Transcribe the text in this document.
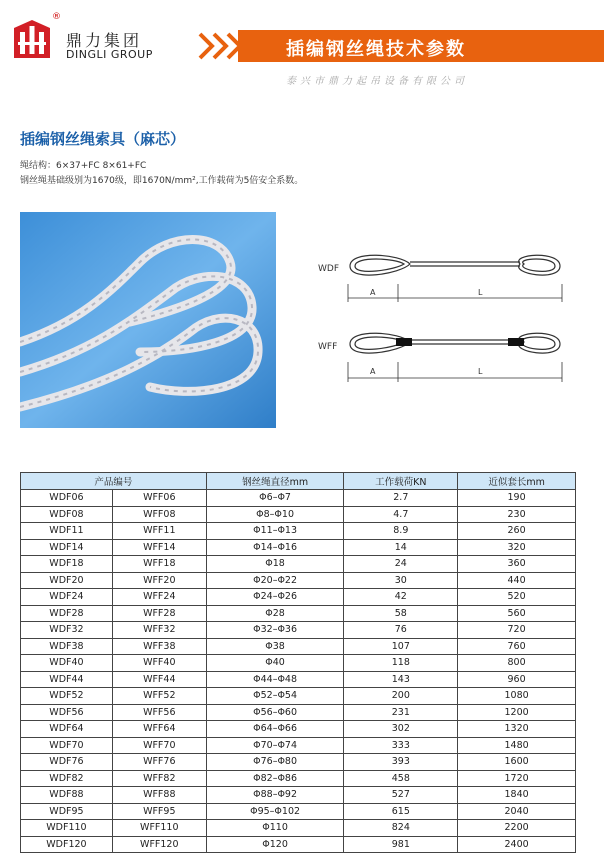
®
鼎力集团
DINGLI GROUP	插编钢丝绳技术参数
泰兴市鼎力起吊设备有限公司
插编钢丝绳索具（麻芯）
绳结构：6×37+FC 8×61+FC
钢丝绳基础级别为1670级，即1670N/mm²,工作载荷为5倍安全系数。
WDF
WFF
A	L
A	L
产品编号		钢丝绳直径mm	工作载荷KN	近似套长mm
WDF06	WFF06	Φ6–Φ7	2.7	190
WDF08	WFF08	Φ8–Φ10	4.7	230
WDF11	WFF11	Φ11–Φ13	8.9	260
WDF14	WFF14	Φ14–Φ16	14	320
WDF18	WFF18	Φ18	24	360
WDF20	WFF20	Φ20–Φ22	30	440
WDF24	WFF24	Φ24–Φ26	42	520
WDF28	WFF28	Φ28	58	560
WDF32	WFF32	Φ32–Φ36	76	720
WDF38	WFF38	Φ38	107	760
WDF40	WFF40	Φ40	118	800
WDF44	WFF44	Φ44–Φ48	143	960
WDF52	WFF52	Φ52–Φ54	200	1080
WDF56	WFF56	Φ56–Φ60	231	1200
WDF64	WFF64	Φ64–Φ66	302	1320
WDF70	WFF70	Φ70–Φ74	333	1480
WDF76	WFF76	Φ76–Φ80	393	1600
WDF82	WFF82	Φ82–Φ86	458	1720
WDF88	WFF88	Φ88–Φ92	527	1840
WDF95	WFF95	Φ95–Φ102	615	2040
WDF110	WFF110	Φ110	824	2200
WDF120	WFF120	Φ120	981	2400
